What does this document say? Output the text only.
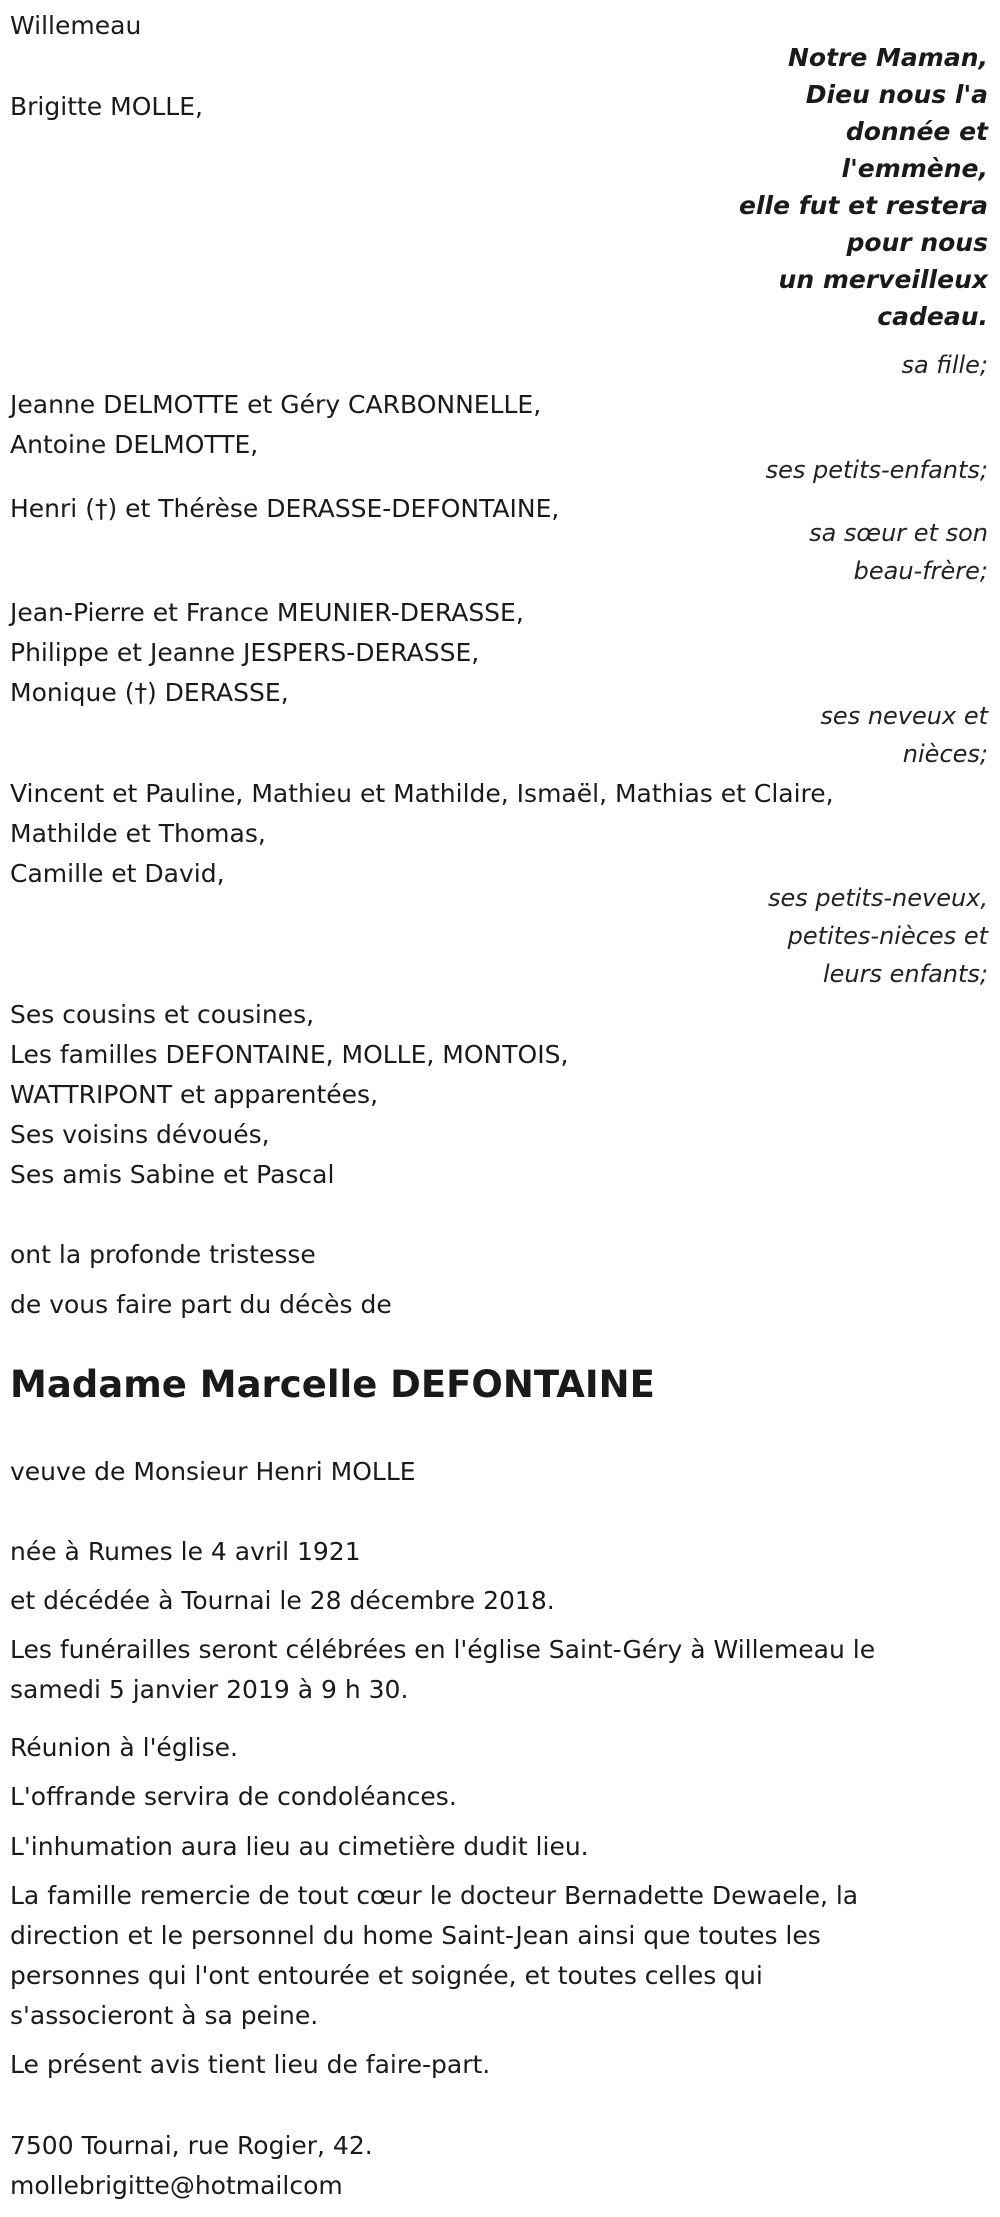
Willemeau
Brigitte MOLLE,
Notre Maman,
Dieu nous l'a
donnée et
l'emmène,
elle fut et restera
pour nous
un merveilleux
cadeau.
sa fille;
Jeanne DELMOTTE et Géry CARBONNELLE,
Antoine DELMOTTE,
ses petits-enfants;
Henri (†) et Thérèse DERASSE-DEFONTAINE,
sa sœur et son
beau-frère;
Jean-Pierre et France MEUNIER-DERASSE,
Philippe et Jeanne JESPERS-DERASSE,
Monique (†) DERASSE,
ses neveux et
nièces;
Vincent et Pauline, Mathieu et Mathilde, Ismaël, Mathias et Claire,
Mathilde et Thomas,
Camille et David,
ses petits-neveux,
petites-nièces et
leurs enfants;
Ses cousins et cousines,
Les familles DEFONTAINE, MOLLE, MONTOIS,
WATTRIPONT et apparentées,
Ses voisins dévoués,
Ses amis Sabine et Pascal
ont la profonde tristesse
de vous faire part du décès de
Madame Marcelle DEFONTAINE
veuve de Monsieur Henri MOLLE
née à Rumes le 4 avril 1921
et décédée à Tournai le 28 décembre 2018.
Les funérailles seront célébrées en l'église Saint-Géry à Willemeau le samedi 5 janvier 2019 à 9 h 30.
Réunion à l'église.
L'offrande servira de condoléances.
L'inhumation aura lieu au cimetière dudit lieu.
La famille remercie de tout cœur le docteur Bernadette Dewaele, la direction et le personnel du home Saint-Jean ainsi que toutes les personnes qui l'ont entourée et soignée, et toutes celles qui s'associeront à sa peine.
Le présent avis tient lieu de faire-part.
7500 Tournai, rue Rogier, 42.
mollebrigitte@hotmailcom
